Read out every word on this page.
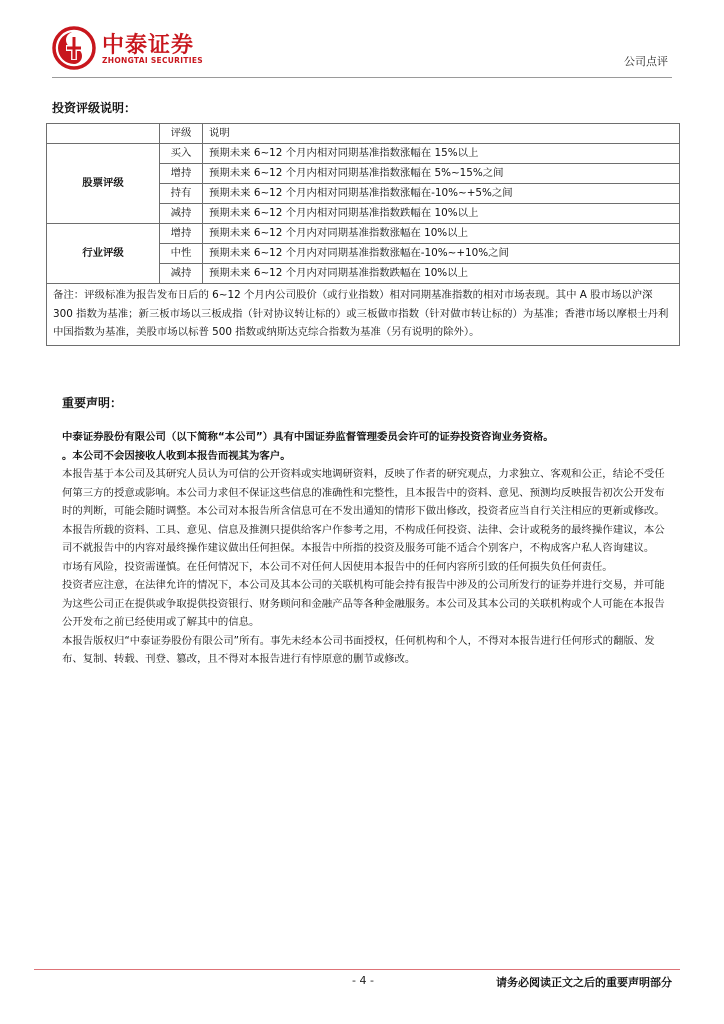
中泰证券
ZHONGTAI SECURITIES	公司点评
投资评级说明：
	评级	说明
股票评级	买入	预期未来 6~12 个月内相对同期基准指数涨幅在 15%以上
	增持	预期未来 6~12 个月内相对同期基准指数涨幅在 5%~15%之间
	持有	预期未来 6~12 个月内相对同期基准指数涨幅在-10%~+5%之间
	减持	预期未来 6~12 个月内相对同期基准指数跌幅在 10%以上
行业评级	增持	预期未来 6~12 个月内对同期基准指数涨幅在 10%以上
	中性	预期未来 6~12 个月内对同期基准指数涨幅在-10%~+10%之间
	减持	预期未来 6~12 个月内对同期基准指数跌幅在 10%以上
备注：评级标准为报告发布日后的 6~12 个月内公司股价（或行业指数）相对同期基准指数的相对市场表现。其中 A 股市场以沪深 300 指数为基准；新三板市场以三板成指（针对协议转让标的）或三板做市指数（针对做市转让标的）为基准；香港市场以摩根士丹利中国指数为基准，美股市场以标普 500 指数或纳斯达克综合指数为基准（另有说明的除外）。		
重要声明：

中泰证券股份有限公司（以下简称“本公司”）具有中国证券监督管理委员会许可的证券投资咨询业务资格。

。本公司不会因接收人收到本报告而视其为客户。

本报告基于本公司及其研究人员认为可信的公开资料或实地调研资料，反映了作者的研究观点，力求独立、客观和公正，结论不受任何第三方的授意或影响。本公司力求但不保证这些信息的准确性和完整性，且本报告中的资料、意见、预测均反映报告初次公开发布时的判断，可能会随时调整。本公司对本报告所含信息可在不发出通知的情形下做出修改，投资者应当自行关注相应的更新或修改。本报告所载的资料、工具、意见、信息及推测只提供给客户作参考之用，不构成任何投资、法律、会计或税务的最终操作建议，本公司不就报告中的内容对最终操作建议做出任何担保。本报告中所指的投资及服务可能不适合个别客户，不构成客户私人咨询建议。

市场有风险，投资需谨慎。在任何情况下，本公司不对任何人因使用本报告中的任何内容所引致的任何损失负任何责任。

投资者应注意，在法律允许的情况下，本公司及其本公司的关联机构可能会持有报告中涉及的公司所发行的证券并进行交易，并可能为这些公司正在提供或争取提供投资银行、财务顾问和金融产品等各种金融服务。本公司及其本公司的关联机构或个人可能在本报告公开发布之前已经使用或了解其中的信息。

本报告版权归“中泰证券股份有限公司”所有。事先未经本公司书面授权，任何机构和个人，不得对本报告进行任何形式的翻版、发布、复制、转载、刊登、篡改，且不得对本报告进行有悖原意的删节或修改。

- 4 -	请务必阅读正文之后的重要声明部分
